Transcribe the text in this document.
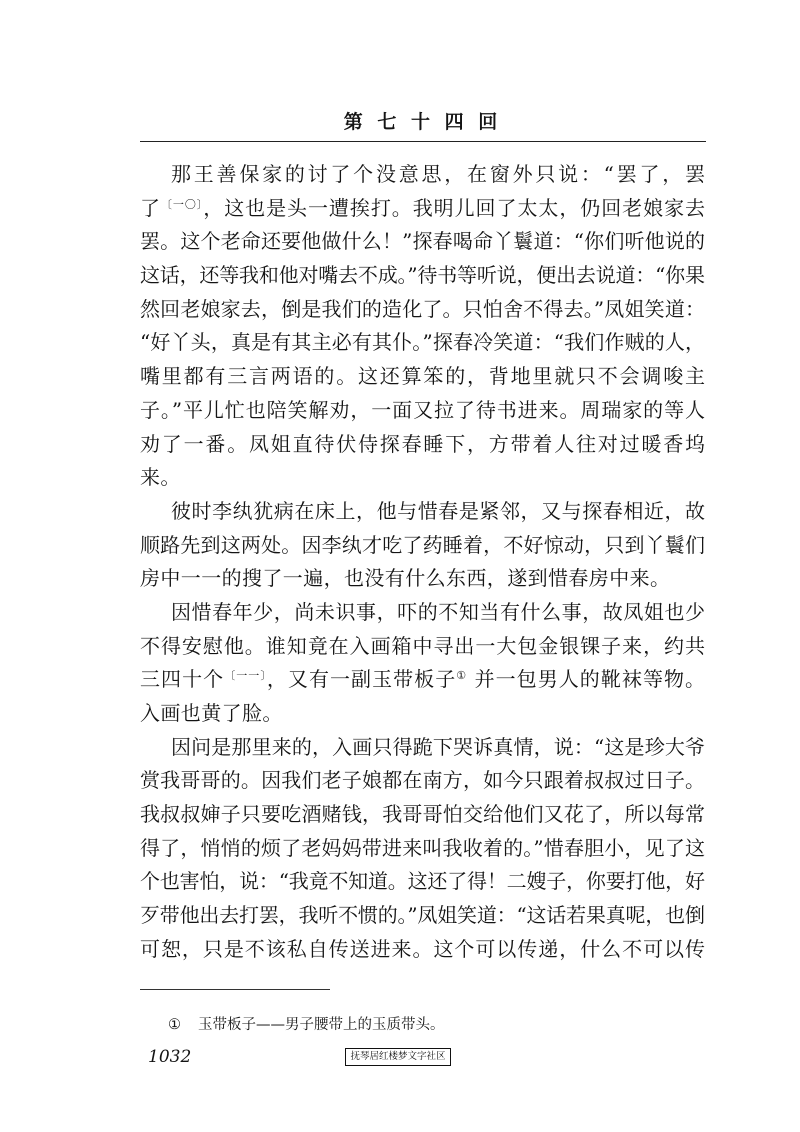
第 七 十 四 回
那王善保家的讨了个没意思，在窗外只说：“罢了，罢
了$^{〔一〇〕}$，这也是头一遭挨打。我明儿回了太太，仍回老娘家去
罢。这个老命还要他做什么！”探春喝命丫鬟道：“你们听他说的
这话，还等我和他对嘴去不成。”待书等听说，便出去说道：“你果
然回老娘家去，倒是我们的造化了。只怕舍不得去。”凤姐笑道：
“好丫头，真是有其主必有其仆。”探春冷笑道：“我们作贼的人，
嘴里都有三言两语的。这还算笨的，背地里就只不会调唆主
子。”平儿忙也陪笑解劝，一面又拉了待书进来。周瑞家的等人
劝了一番。凤姐直待伏侍探春睡下，方带着人往对过暖香坞
来。
彼时李纨犹病在床上，他与惜春是紧邻，又与探春相近，故
顺路先到这两处。因李纨才吃了药睡着，不好惊动，只到丫鬟们
房中一一的搜了一遍，也没有什么东西，遂到惜春房中来。
因惜春年少，尚未识事，吓的不知当有什么事，故凤姐也少
不得安慰他。谁知竟在入画箱中寻出一大包金银锞子来，约共
三四十个$^{〔一一〕}$，又有一副玉带板子① 并一包男人的靴袜等物。
入画也黄了脸。
因问是那里来的，入画只得跪下哭诉真情，说：“这是珍大爷
赏我哥哥的。因我们老子娘都在南方，如今只跟着叔叔过日子。
我叔叔婶子只要吃酒赌钱，我哥哥怕交给他们又花了，所以每常
得了，悄悄的烦了老妈妈带进来叫我收着的。”惜春胆小，见了这
个也害怕，说：“我竟不知道。这还了得！二嫂子，你要打他，好
歹带他出去打罢，我听不惯的。”凤姐笑道：“这话若果真呢，也倒
可恕，只是不该私自传送进来。这个可以传递，什么不可以传
① 玉带板子——男子腰带上的玉质带头。
1032	抚琴居红楼梦文字社区
